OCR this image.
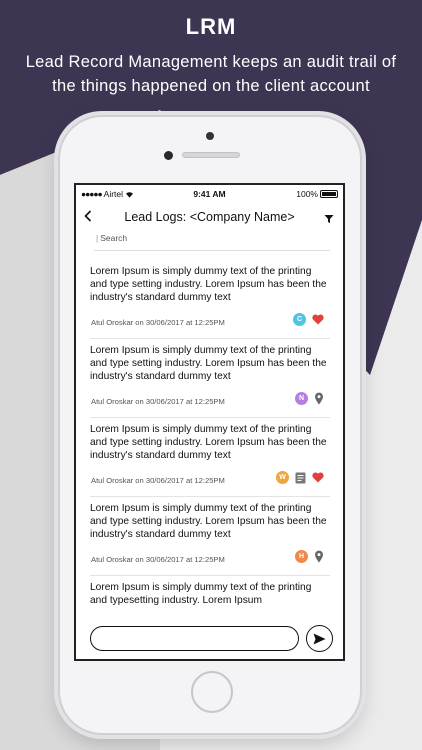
LRM
Lead Record Management keeps an audit trail of
the things happened on the client account
●●●●● Airtel	9:41 AM	100%
Lead Logs: <Company Name>
| Search
Lorem Ipsum is simply dummy text of the printing and type setting industry. Lorem Ipsum has been the industry's standard dummy text
Atul Oroskar on 30/06/2017 at 12:25PM	C
Lorem Ipsum is simply dummy text of the printing and type setting industry. Lorem Ipsum has been the industry's standard dummy text
Atul Oroskar on 30/06/2017 at 12:25PM	N
Lorem Ipsum is simply dummy text of the printing and type setting industry. Lorem Ipsum has been the industry's standard dummy text
Atul Oroskar on 30/06/2017 at 12:25PM	W
Lorem Ipsum is simply dummy text of the printing and type setting industry. Lorem Ipsum has been the industry's standard dummy text
Atul Oroskar on 30/06/2017 at 12:25PM	H
Lorem Ipsum is simply dummy text of the printing and typesetting industry. Lorem Ipsum
